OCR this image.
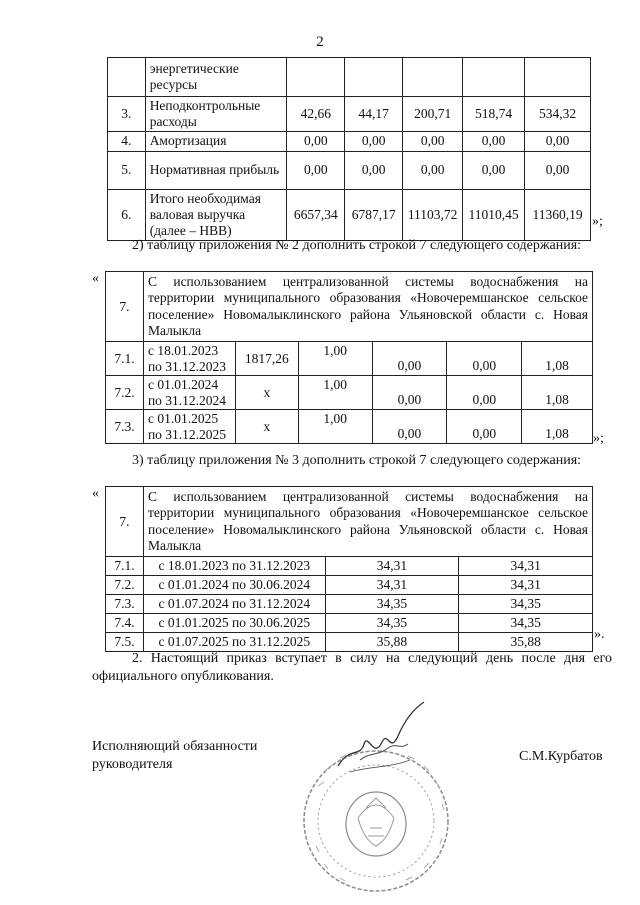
2
	энергетические ресурсы					
3.	Неподконтрольные расходы	42,66	44,17	200,71	518,74	534,32
4.	Амортизация	0,00	0,00	0,00	0,00	0,00
5.	Нормативная прибыль	0,00	0,00	0,00	0,00	0,00
6.	Итого необходимая валовая выручка (далее – НВВ)	6657,34	6787,17	11103,72	11010,45	11360,19 »;
2) таблицу приложения № 2 дополнить строкой 7 следующего содержания:
«
7.	С использованием централизованной системы водоснабжения на территории муниципального образования «Новочеремшанское сельское поселение» Новомалыклинского района Ульяновской области с. Новая Малыкла					
7.1.	с 18.01.2023 по 31.12.2023	1817,26	1,00	0,00	0,00	1,08
7.2.	с 01.01.2024 по 31.12.2024	x	1,00	0,00	0,00	1,08
7.3.	с 01.01.2025 по 31.12.2025	x	1,00	0,00	0,00	1,08 »;
3) таблицу приложения № 3 дополнить строкой 7 следующего содержания:
«
7.	С использованием централизованной системы водоснабжения на территории муниципального образования «Новочеремшанское сельское поселение» Новомалыклинского района Ульяновской области с. Новая Малыкла		
7.1.	с 18.01.2023 по 31.12.2023	34,31	34,31
7.2.	с 01.01.2024 по 30.06.2024	34,31	34,31
7.3.	с 01.07.2024 по 31.12.2024	34,35	34,35
7.4.	с 01.01.2025 по 30.06.2025	34,35	34,35
7.5.	с 01.07.2025 по 31.12.2025	35,88	35,88	».
2. Настоящий приказ вступает в силу на следующий день после дня его официального опубликования.
Исполняющий обязанности
руководителя	С.М.Курбатов
